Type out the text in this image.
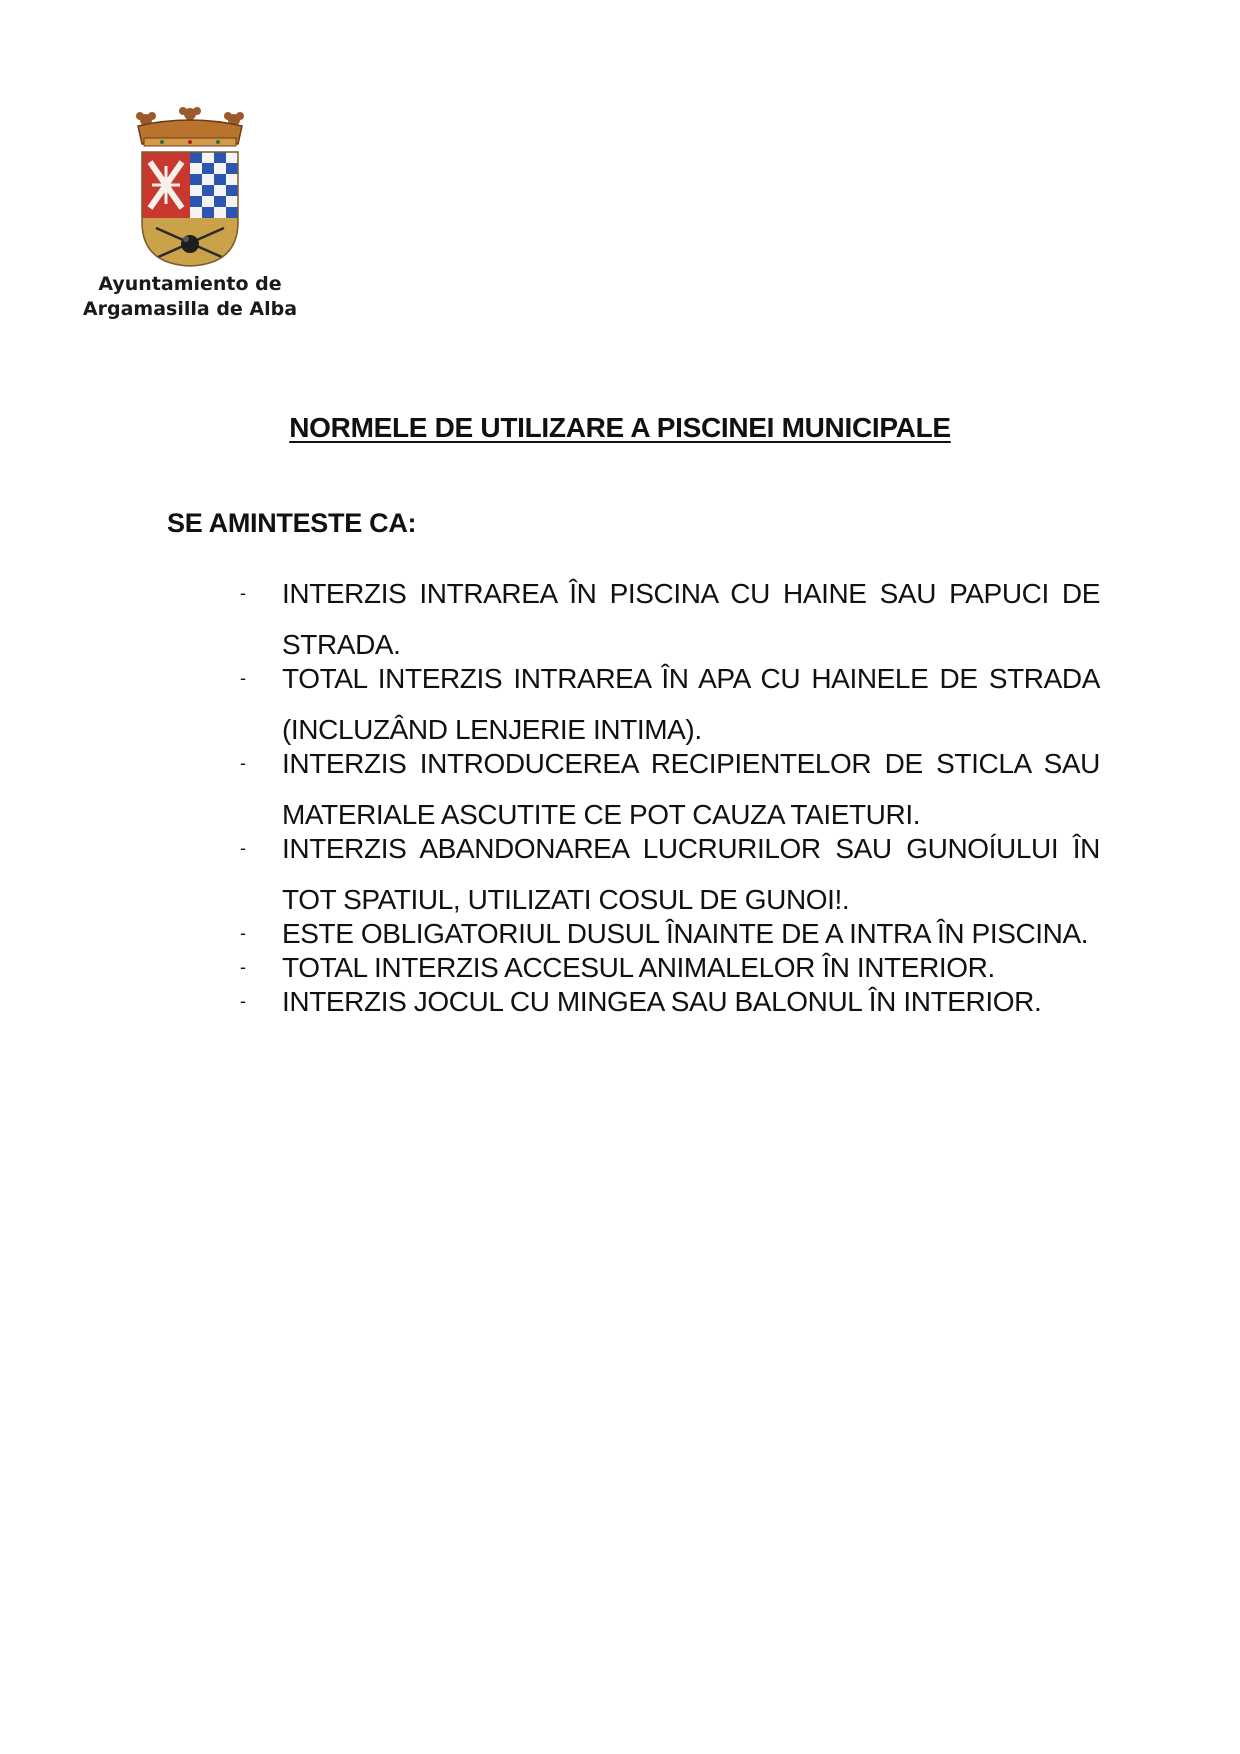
Ayuntamiento de
Argamasilla de Alba
NORMELE DE UTILIZARE A PISCINEI MUNICIPALE
SE AMINTESTE CA:
- INTERZIS INTRAREA ÎN PISCINA CU HAINE SAU PAPUCI DE STRADA.
- TOTAL INTERZIS INTRAREA ÎN APA CU HAINELE DE STRADA (INCLUZÂND LENJERIE INTIMA).
- INTERZIS INTRODUCEREA RECIPIENTELOR DE STICLA SAU MATERIALE ASCUTITE CE POT CAUZA TAIETURI.
- INTERZIS ABANDONAREA LUCRURILOR SAU GUNOÍULUI ÎN TOT SPATIUL, UTILIZATI COSUL DE GUNOI!.
- ESTE OBLIGATORIUL DUSUL ÎNAINTE DE A INTRA ÎN PISCINA.
- TOTAL INTERZIS ACCESUL ANIMALELOR ÎN INTERIOR.
- INTERZIS JOCUL CU MINGEA SAU BALONUL ÎN INTERIOR.
